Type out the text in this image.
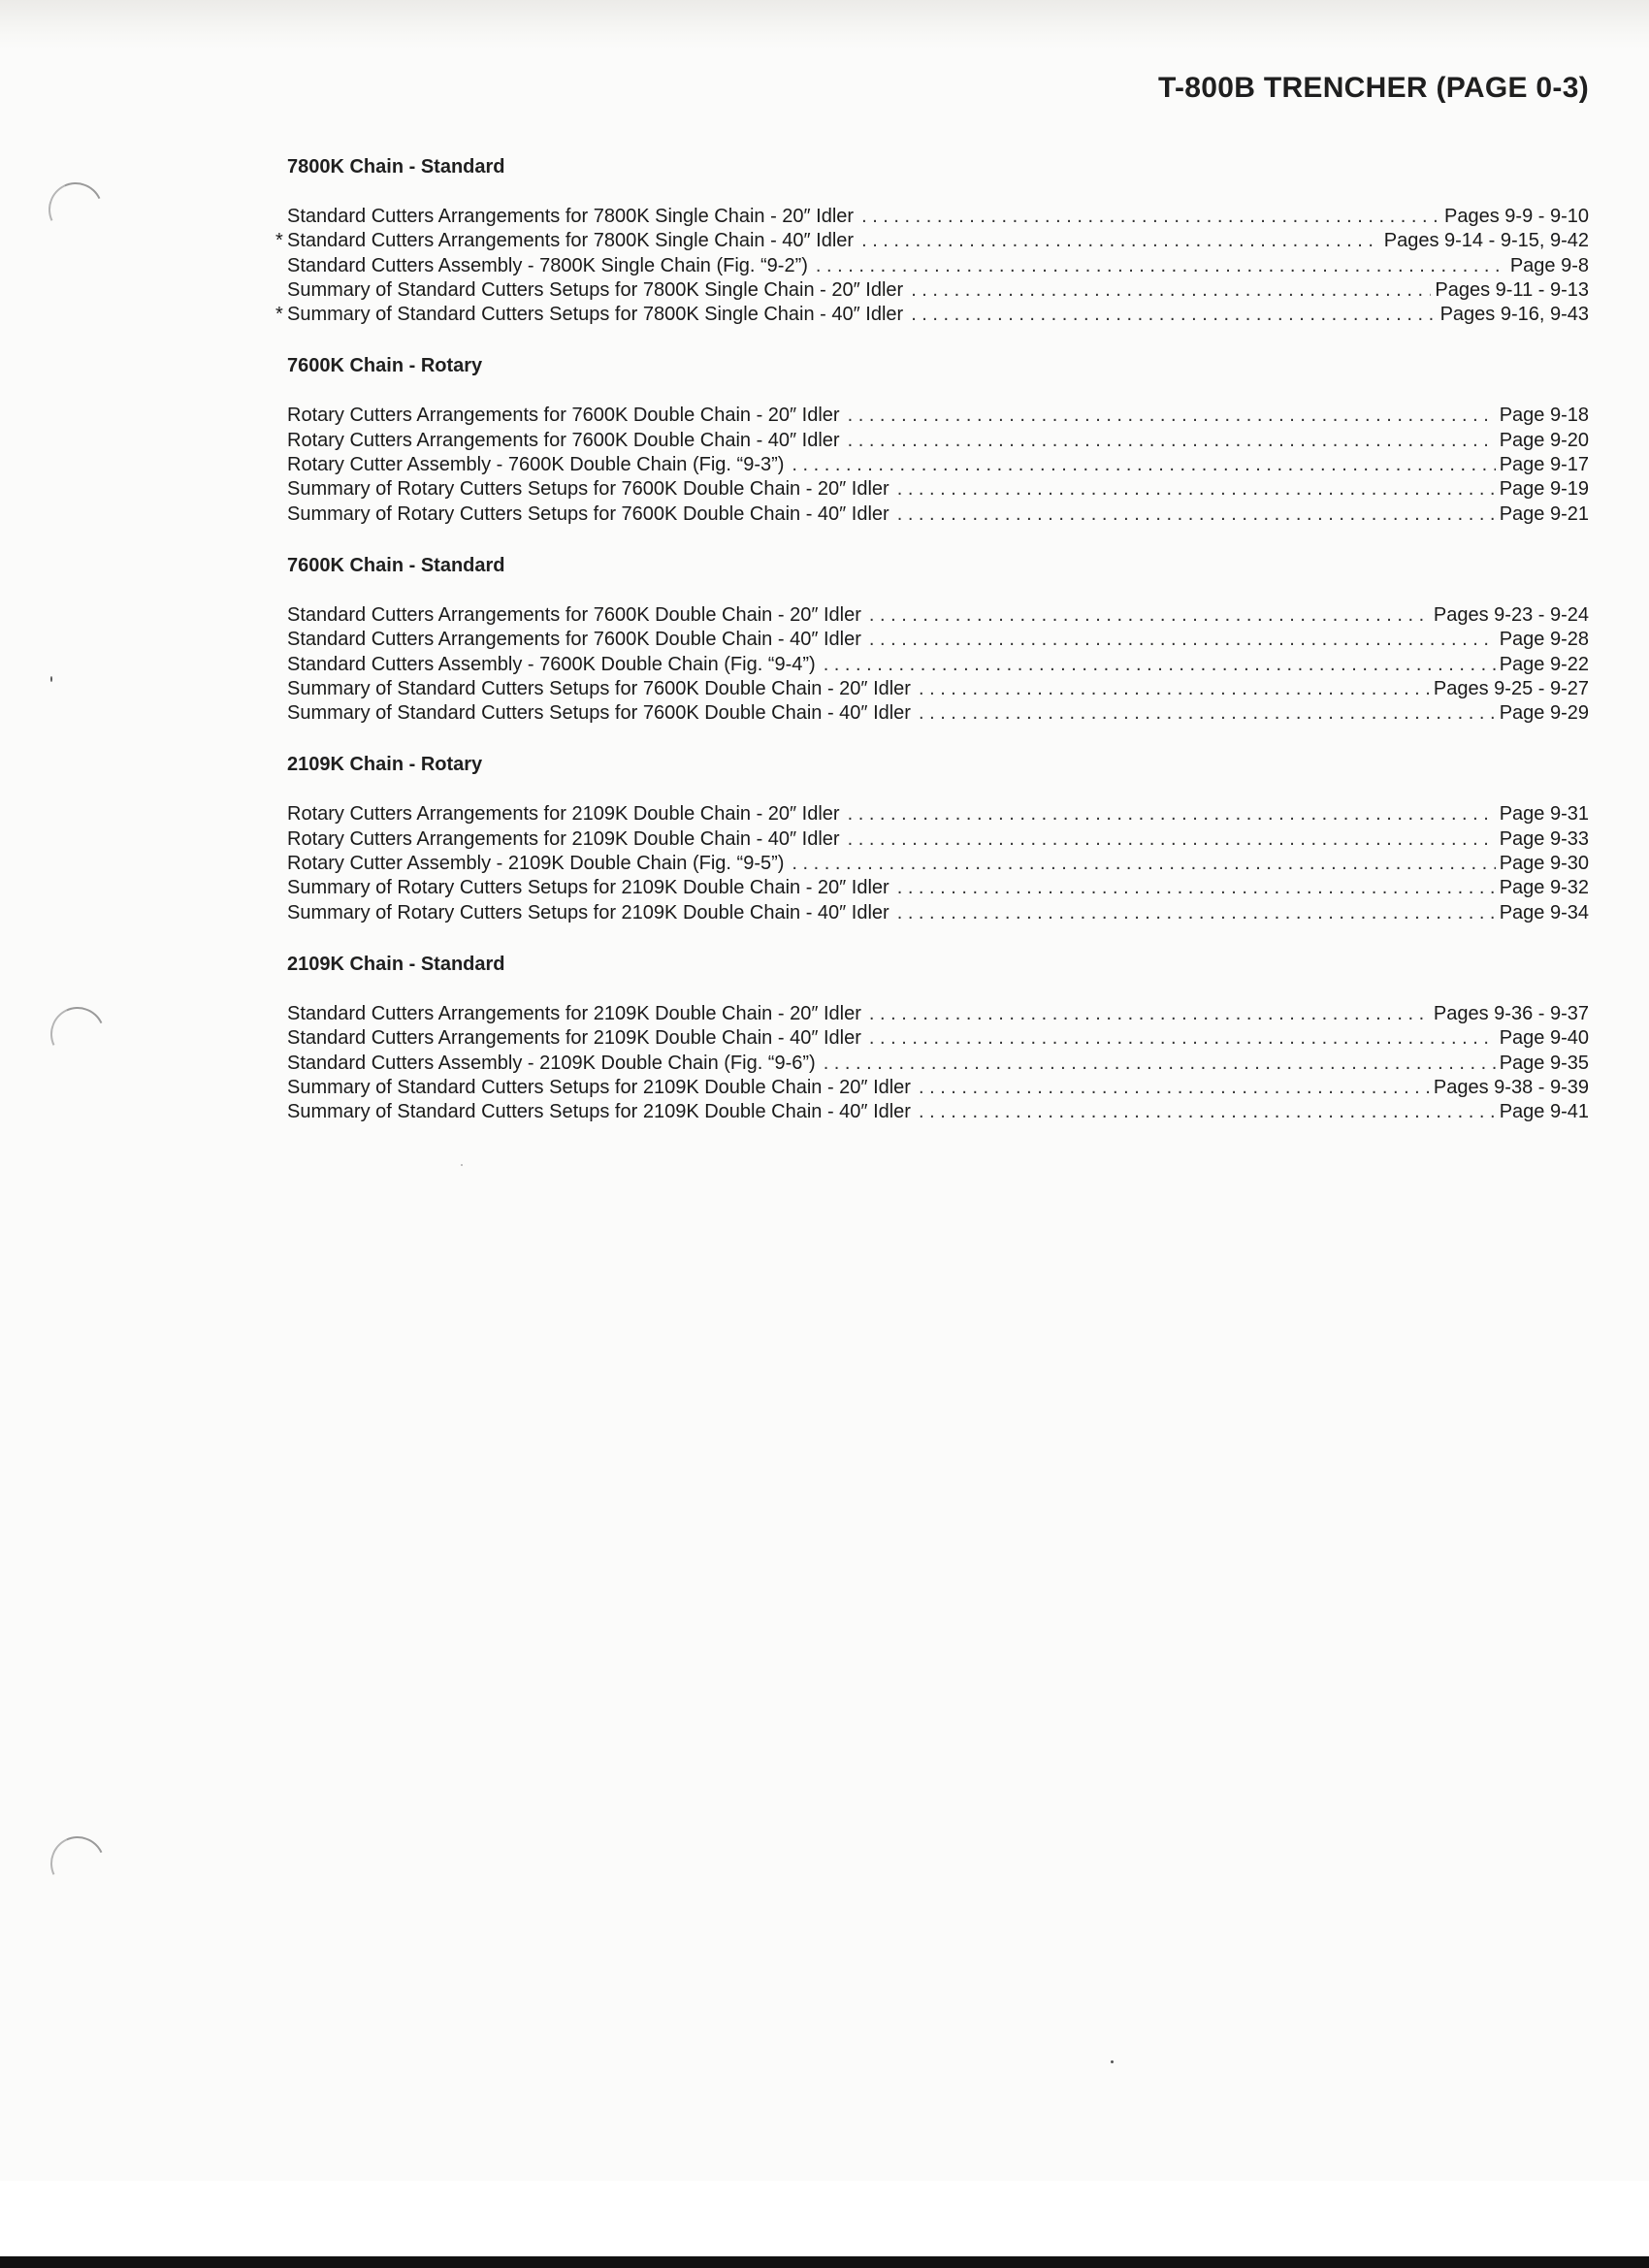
T-800B TRENCHER (PAGE 0-3)
7800K Chain - Standard
Standard Cutters Arrangements for 7800K Single Chain - 20″ Idler . . .	Pages 9-9 - 9-10
* Standard Cutters Arrangements for 7800K Single Chain - 40″ Idler . . .	Pages 9-14 - 9-15, 9-42
Standard Cutters Assembly - 7800K Single Chain (Fig. “9-2”) . . .	Page 9-8
Summary of Standard Cutters Setups for 7800K Single Chain - 20″ Idler . . .	Pages 9-11 - 9-13
* Summary of Standard Cutters Setups for 7800K Single Chain - 40″ Idler . . .	Pages 9-16, 9-43
7600K Chain - Rotary
Rotary Cutters Arrangements for 7600K Double Chain - 20″ Idler . . .	Page 9-18
Rotary Cutters Arrangements for 7600K Double Chain - 40″ Idler . . .	Page 9-20
Rotary Cutter Assembly - 7600K Double Chain (Fig. “9-3”) . . .	Page 9-17
Summary of Rotary Cutters Setups for 7600K Double Chain - 20″ Idler . . .	Page 9-19
Summary of Rotary Cutters Setups for 7600K Double Chain - 40″ Idler . . .	Page 9-21
7600K Chain - Standard
Standard Cutters Arrangements for 7600K Double Chain - 20″ Idler . . .	Pages 9-23 - 9-24
Standard Cutters Arrangements for 7600K Double Chain - 40″ Idler . . .	Page 9-28
Standard Cutters Assembly - 7600K Double Chain (Fig. “9-4”) . . .	Page 9-22
Summary of Standard Cutters Setups for 7600K Double Chain - 20″ Idler . . .	Pages 9-25 - 9-27
Summary of Standard Cutters Setups for 7600K Double Chain - 40″ Idler . . .	Page 9-29
2109K Chain - Rotary
Rotary Cutters Arrangements for 2109K Double Chain - 20″ Idler . . .	Page 9-31
Rotary Cutters Arrangements for 2109K Double Chain - 40″ Idler . . .	Page 9-33
Rotary Cutter Assembly - 2109K Double Chain (Fig. “9-5”) . . .	Page 9-30
Summary of Rotary Cutters Setups for 2109K Double Chain - 20″ Idler . . .	Page 9-32
Summary of Rotary Cutters Setups for 2109K Double Chain - 40″ Idler . . .	Page 9-34
2109K Chain - Standard
Standard Cutters Arrangements for 2109K Double Chain - 20″ Idler . . .	Pages 9-36 - 9-37
Standard Cutters Arrangements for 2109K Double Chain - 40″ Idler . . .	Page 9-40
Standard Cutters Assembly - 2109K Double Chain (Fig. “9-6”) . . .	Page 9-35
Summary of Standard Cutters Setups for 2109K Double Chain - 20″ Idler . . .	Pages 9-38 - 9-39
Summary of Standard Cutters Setups for 2109K Double Chain - 40″ Idler . . .	Page 9-41
